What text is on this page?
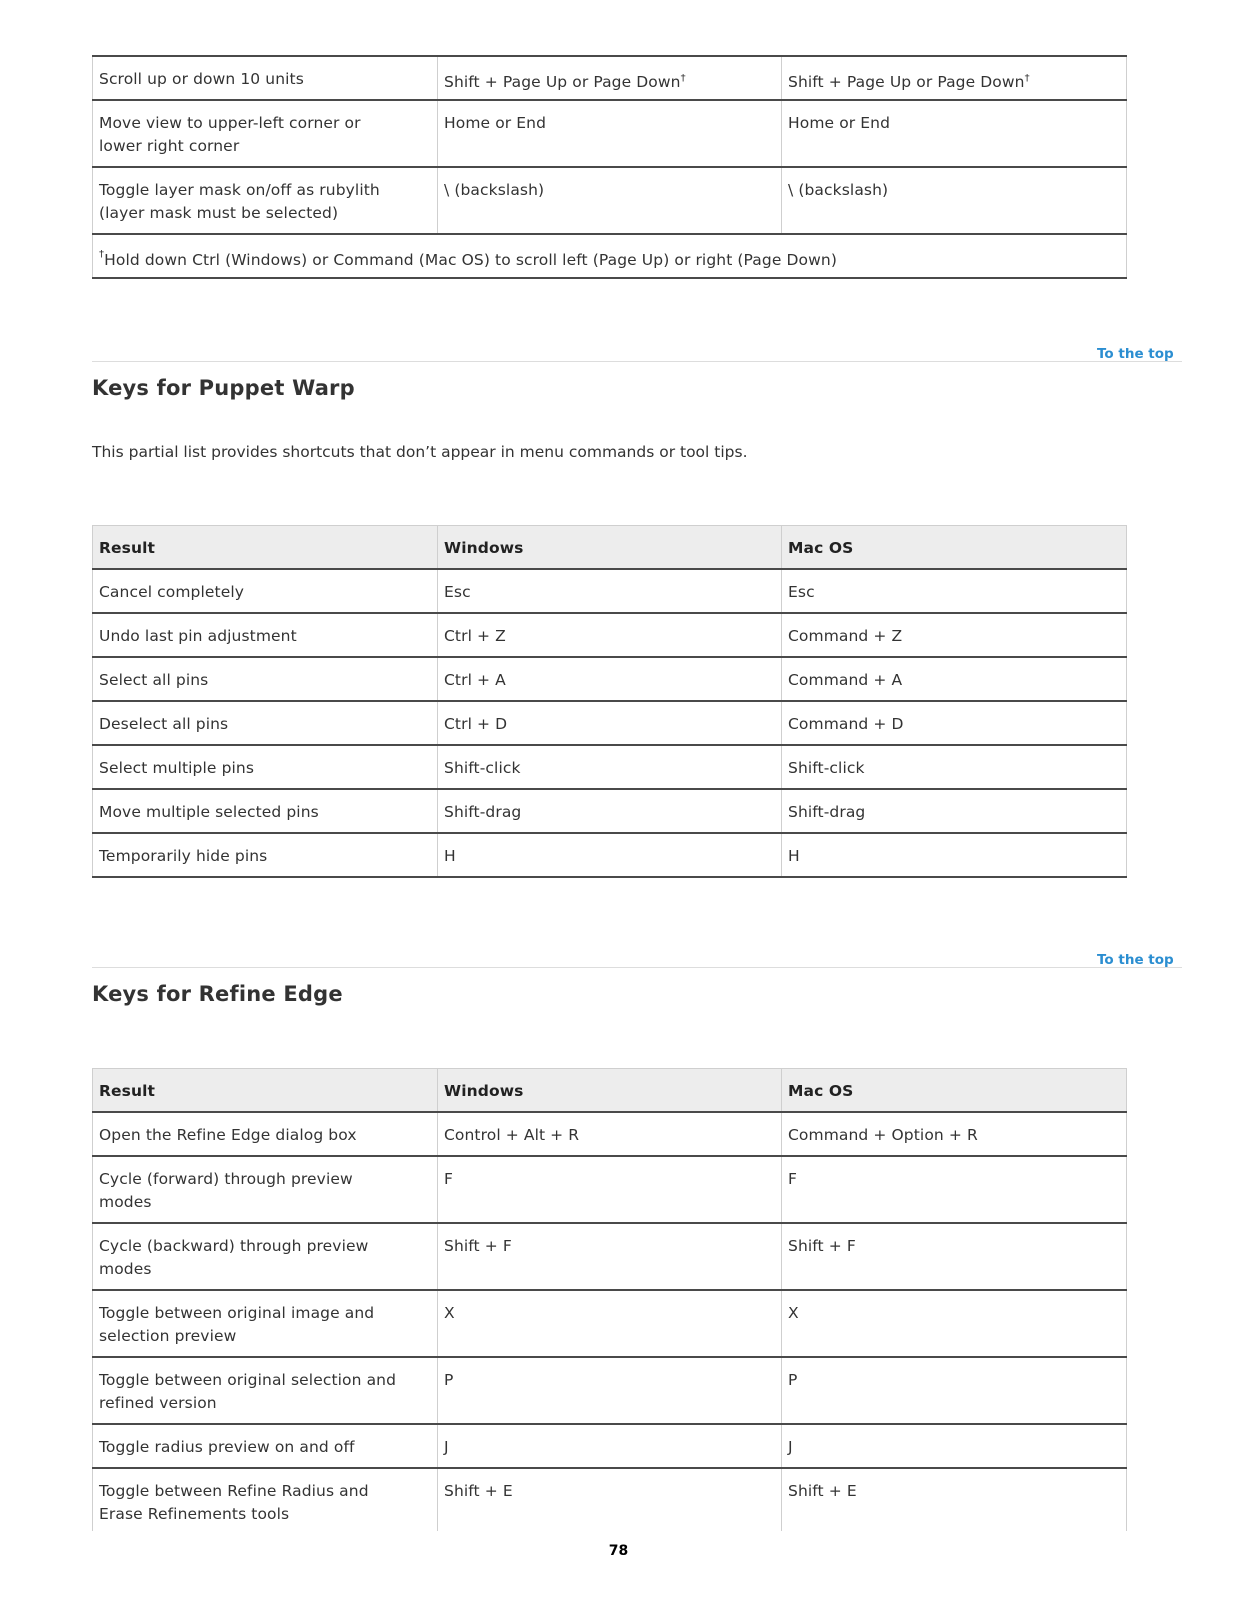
Scroll up or down 10 units	Shift + Page Up or Page Down†	Shift + Page Up or Page Down†
Move view to upper-left corner or
lower right corner	Home or End	Home or End
Toggle layer mask on/off as rubylith
(layer mask must be selected)	\ (backslash)	\ (backslash)
†Hold down Ctrl (Windows) or Command (Mac OS) to scroll left (Page Up) or right (Page Down)		
To the top
Keys for Puppet Warp

This partial list provides shortcuts that don’t appear in menu commands or tool tips.

Result	Windows	Mac OS
Cancel completely	Esc	Esc
Undo last pin adjustment	Ctrl + Z	Command + Z
Select all pins	Ctrl + A	Command + A
Deselect all pins	Ctrl + D	Command + D
Select multiple pins	Shift-click	Shift-click
Move multiple selected pins	Shift-drag	Shift-drag
Temporarily hide pins	H	H
To the top
Keys for Refine Edge
Result	Windows	Mac OS
Open the Refine Edge dialog box	Control + Alt + R	Command + Option + R
Cycle (forward) through preview
modes	F	F
Cycle (backward) through preview
modes	Shift + F	Shift + F
Toggle between original image and
selection preview	X	X
Toggle between original selection and
refined version	P	P
Toggle radius preview on and off	J	J
Toggle between Refine Radius and
Erase Refinements tools	Shift + E	Shift + E
78
